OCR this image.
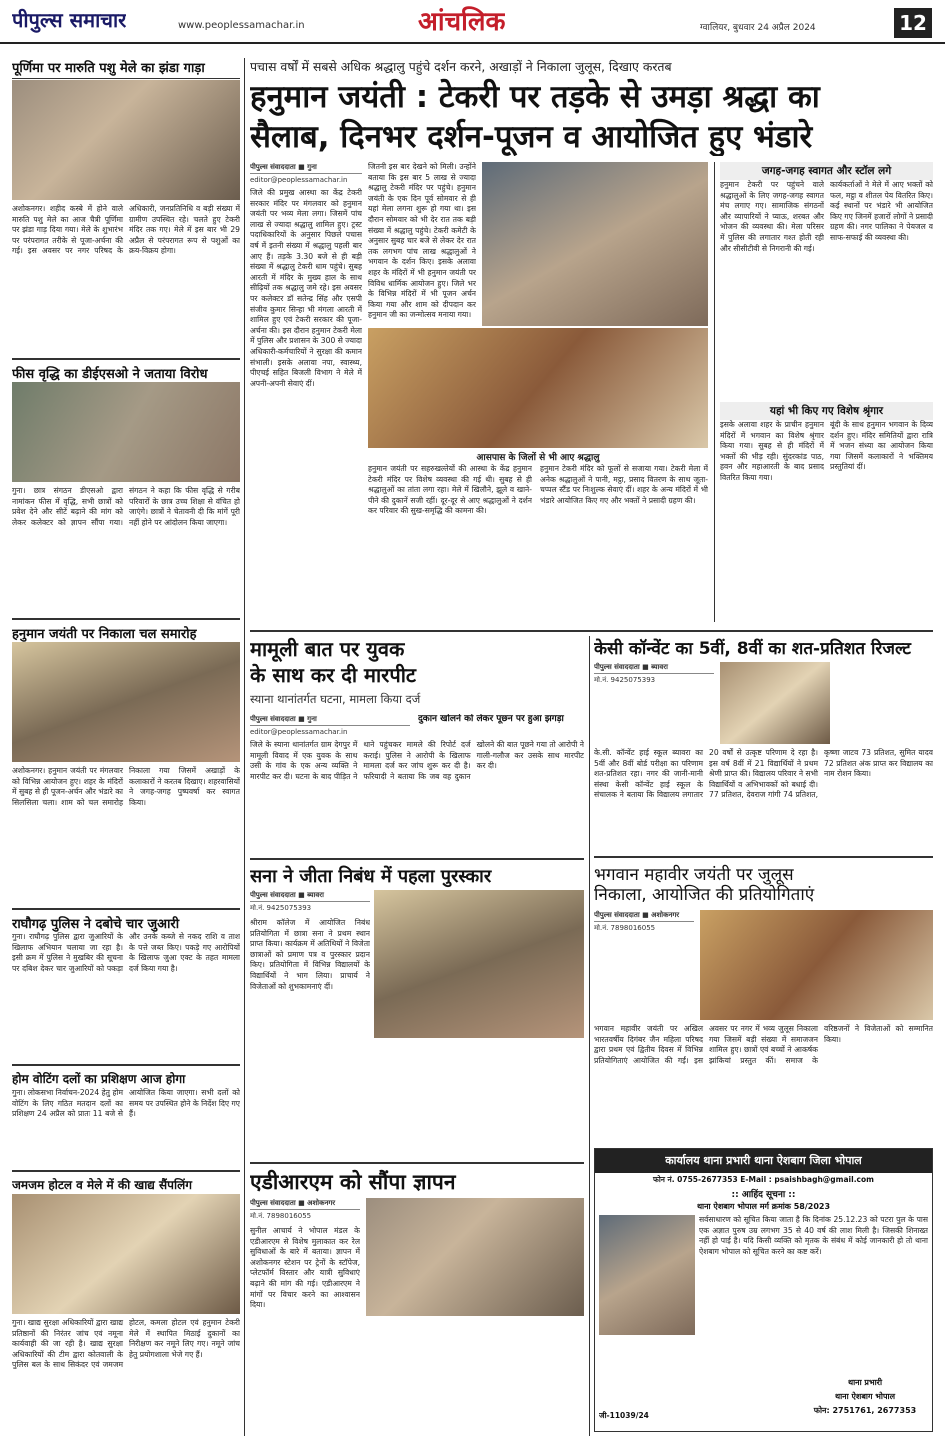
पीपुल्स समाचार	www.peoplessamachar.in	आंचलिक	ग्वालियर, बुधवार 24 अप्रैल 2024	12
पूर्णिमा पर मारुति पशु मेले का झंडा गाड़ा
अशोकनगर। शहीद कस्बे में होने वाले मारुति पशु मेले का आज चैत्री पूर्णिमा पर झंडा गाड़ दिया गया। मेले के शुभारंभ पर परंपरागत तरीके से पूजा-अर्चना की गई। इस अवसर पर नगर परिषद के अधिकारी, जनप्रतिनिधि व बड़ी संख्या में ग्रामीण उपस्थित रहे। चलते हुए टेकरी मंदिर तक गए। मेले में इस बार भी 29 अप्रैल से परंपरागत रूप से पशुओं का क्रय-विक्रय होगा।
फीस वृद्धि का डीईएसओ ने जताया विरोध
गुना। छात्र संगठन डीएसओ द्वारा नामांकन फीस में वृद्धि, सभी छात्रों को प्रवेश देने और सीटें बढ़ाने की मांग को लेकर कलेक्टर को ज्ञापन सौंपा गया। संगठन ने कहा कि फीस वृद्धि से गरीब परिवारों के छात्र उच्च शिक्षा से वंचित हो जाएंगे। छात्रों ने चेतावनी दी कि मांगें पूरी नहीं होने पर आंदोलन किया जाएगा।
हनुमान जयंती पर निकाला चल समारोह
अशोकनगर। हनुमान जयंती पर मंगलवार को विभिन्न आयोजन हुए। शहर के मंदिरों में सुबह से ही पूजन-अर्चन और भंडारे का सिलसिला चला। शाम को चल समारोह निकाला गया जिसमें अखाड़ों के कलाकारों ने करतब दिखाए। शहरवासियों ने जगह-जगह पुष्पवर्षा कर स्वागत किया।
राघौगढ़ पुलिस ने दबोचे चार जुआरी
गुना। राघौगढ़ पुलिस द्वारा जुआरियों के खिलाफ अभियान चलाया जा रहा है। इसी क्रम में पुलिस ने मुखबिर की सूचना पर दबिश देकर चार जुआरियों को पकड़ा और उनके कब्जे से नकद राशि व ताश के पत्ते जब्त किए। पकड़े गए आरोपियों के खिलाफ जुआ एक्ट के तहत मामला दर्ज किया गया है।
होम वोटिंग दलों का प्रशिक्षण आज होगा
गुना। लोकसभा निर्वाचन-2024 हेतु होम वोटिंग के लिए गठित मतदान दलों का प्रशिक्षण 24 अप्रैल को प्रातः 11 बजे से आयोजित किया जाएगा। सभी दलों को समय पर उपस्थित होने के निर्देश दिए गए हैं।
जमजम होटल व मेले में की खाद्य सैंपलिंग
गुना। खाद्य सुरक्षा अधिकारियों द्वारा खाद्य प्रतिष्ठानों की निरंतर जांच एवं नमूना कार्यवाही की जा रही है। खाद्य सुरक्षा अधिकारियों की टीम द्वारा कोतवाली के पुलिस बल के साथ सिकंदर एवं जमजम होटल, कमला होटल एवं हनुमान टेकरी मेले में स्थापित मिठाई दुकानों का निरीक्षण कर नमूने लिए गए। नमूने जांच हेतु प्रयोगशाला भेजे गए हैं।
पचास वर्षों में सबसे अधिक श्रद्धालु पहुंचे दर्शन करने, अखाड़ों ने निकाला जुलूस, दिखाए करतब
हनुमान जयंती : टेकरी पर तड़के से उमड़ा श्रद्धा का
सैलाब, दिनभर दर्शन-पूजन व आयोजित हुए भंडारे
पीपुल्स संवाददाता ■ गुना
editor@peoplessamachar.in
जिले की प्रमुख आस्था का केंद्र टेकरी सरकार मंदिर पर मंगलवार को हनुमान जयंती पर भव्य मेला लगा। जिसमें पांच लाख से ज्यादा श्रद्धालु शामिल हुए। ट्रस्ट पदाधिकारियों के अनुसार पिछले पचास वर्ष में इतनी संख्या में श्रद्धालु पहली बार आए हैं। तड़के 3.30 बजे से ही बड़ी संख्या में श्रद्धालु टेकरी धाम पहुंचे। सुबह आरती में मंदिर के मुख्य हाल के साथ सीढ़ियों तक श्रद्धालु जमे रहे। इस अवसर पर कलेक्टर डॉ सतेन्द्र सिंह और एसपी संजीव कुमार सिन्हा भी मंगला आरती में शामिल हुए एवं टेकरी सरकार की पूजा-अर्चना की। इस दौरान हनुमान टेकरी मेला में पुलिस और प्रशासन के 300 से ज्यादा अधिकारी-कर्मचारियों ने सुरक्षा की कमान संभाली। इसके अलावा नपा, स्वास्थ्य, पीएचई सहित बिजली विभाग ने मेले में अपनी-अपनी सेवाएं दीं।
जितनी इस बार देखने को मिली। उन्होंने बताया कि इस बार 5 लाख से ज्यादा श्रद्धालु टेकरी मंदिर पर पहुंचे। हनुमान जयंती के एक दिन पूर्व सोमवार से ही यहां मेला लगना शुरू हो गया था। इस दौरान सोमवार को भी देर रात तक बड़ी संख्या में श्रद्धालु पहुंचे। टेकरी कमेटी के अनुसार सुबह चार बजे से लेकर देर रात तक लगभग पांच लाख श्रद्धालुओं ने भगवान के दर्शन किए। इसके अलावा शहर के मंदिरों में भी हनुमान जयंती पर विविध धार्मिक आयोजन हुए। जिले भर के विभिन्न मंदिरों में भी पूजन अर्चन किया गया और शाम को दीपदान कर हनुमान जी का जन्मोत्सव मनाया गया।
आसपास के जिलों से भी आए श्रद्धालु
हनुमान जयंती पर सहरुखल्तेयों की आस्था के केंद्र हनुमान टेकरी मंदिर पर विशेष व्यवस्था की गई थी। सुबह से ही श्रद्धालुओं का तांता लगा रहा। मेले में खिलौने, झूले व खाने-पीने की दुकानें सजी रहीं। दूर-दूर से आए श्रद्धालुओं ने दर्शन कर परिवार की सुख-समृद्धि की कामना की।
हनुमान टेकरी मंदिर को फूलों से सजाया गया। टेकरी मेला में अनेक श्रद्धालुओं ने पानी, मट्ठा, प्रसाद वितरण के साथ जूता-चप्पल स्टैंड पर निःशुल्क सेवाएं दीं। शहर के अन्य मंदिरों में भी भंडारे आयोजित किए गए और भक्तों ने प्रसादी ग्रहण की।
जगह-जगह स्वागत और स्टॉल लगे
हनुमान टेकरी पर पहुंचने वाले श्रद्धालुओं के लिए जगह-जगह स्वागत मंच लगाए गए। सामाजिक संगठनों और व्यापारियों ने प्याऊ, शरबत और भोजन की व्यवस्था की। मेला परिसर में पुलिस की लगातार गश्त होती रही और सीसीटीवी से निगरानी की गई।
कार्यकर्ताओं ने मेले में आए भक्तों को फल, मट्ठा व शीतल पेय वितरित किए। कई स्थानों पर भंडारे भी आयोजित किए गए जिनमें हजारों लोगों ने प्रसादी ग्रहण की। नगर पालिका ने पेयजल व साफ-सफाई की व्यवस्था की।
यहां भी किए गए विशेष श्रृंगार
इसके अलावा शहर के प्राचीन हनुमान मंदिरों में भगवान का विशेष श्रृंगार किया गया। सुबह से ही मंदिरों में भक्तों की भीड़ रही। सुंदरकांड पाठ, हवन और महाआरती के बाद प्रसाद वितरित किया गया।
बूंदी के साथ हनुमान भगवान के दिव्य दर्शन हुए। मंदिर समितियों द्वारा रात्रि में भजन संध्या का आयोजन किया गया जिसमें कलाकारों ने भक्तिमय प्रस्तुतियां दीं।
मामूली बात पर युवक
के साथ कर दी मारपीट
स्याना थानांतर्गत घटना, मामला किया दर्ज
पीपुल्स संवाददाता ■ गुना
editor@peoplessamachar.in
दुकान खोलने को लेकर पूछन पर हुआ झगड़ा
जिले के स्याना थानांतर्गत ग्राम देगपुर में मामूली विवाद में एक युवक के साथ उसी के गांव के एक अन्य व्यक्ति ने मारपीट कर दी। घटना के बाद पीड़ित ने थाने पहुंचकर मामले की रिपोर्ट दर्ज कराई। पुलिस ने आरोपी के खिलाफ मामला दर्ज कर जांच शुरू कर दी है। फरियादी ने बताया कि जब वह दुकान खोलने की बात पूछने गया तो आरोपी ने गाली-गलौज कर उसके साथ मारपीट कर दी।
सना ने जीता निबंध में पहला पुरस्कार
पीपुल्स संवाददाता ■ ब्यावरा
मो.नं. 9425075393
श्रीराम कॉलेज में आयोजित निबंध प्रतियोगिता में छात्रा सना ने प्रथम स्थान प्राप्त किया। कार्यक्रम में अतिथियों ने विजेता छात्राओं को प्रमाण पत्र व पुरस्कार प्रदान किए। प्रतियोगिता में विभिन्न विद्यालयों के विद्यार्थियों ने भाग लिया। प्राचार्य ने विजेताओं को शुभकामनाएं दीं।
एडीआरएम को सौंपा ज्ञापन
पीपुल्स संवाददाता ■ अशोकनगर
मो.नं. 7898016055
सुनील आचार्य ने भोपाल मंडल के एडीआरएम से विशेष मुलाकात कर रेल सुविधाओं के बारे में बताया। ज्ञापन में अशोकनगर स्टेशन पर ट्रेनों के स्टॉपेज, प्लेटफॉर्म विस्तार और यात्री सुविधाएं बढ़ाने की मांग की गई। एडीआरएम ने मांगों पर विचार करने का आश्वासन दिया।
केसी कॉन्वेंट का 5वीं, 8वीं का शत-प्रतिशत रिजल्ट
पीपुल्स संवाददाता ■ ब्यावरा
मो.नं. 9425075393
के.सी. कॉन्वेंट हाई स्कूल ब्यावरा का 5वीं और 8वीं बोर्ड परीक्षा का परिणाम शत-प्रतिशत रहा। नगर की जानी-मानी संस्था केसी कॉन्वेंट हाई स्कूल के संचालक ने बताया कि विद्यालय लगातार 20 वर्षों से उत्कृष्ट परिणाम दे रहा है। इस वर्ष 8वीं में 21 विद्यार्थियों ने प्रथम श्रेणी प्राप्त की। विद्यालय परिवार ने सभी विद्यार्थियों व अभिभावकों को बधाई दी। 77 प्रतिशत, देवराज गांगी 74 प्रतिशत, कृष्णा जाटव 73 प्रतिशत, सुमित यादव 72 प्रतिशत अंक प्राप्त कर विद्यालय का नाम रोशन किया।
भगवान महावीर जयंती पर जुलूस
निकाला, आयोजित की प्रतियोगिताएं
पीपुल्स संवाददाता ■ अशोकनगर
मो.नं. 7898016055
भगवान महावीर जयंती पर अखिल भारतवर्षीय दिगंबर जैन महिला परिषद द्वारा प्रथम एवं द्वितीय दिवस में विभिन्न प्रतियोगिताएं आयोजित की गईं। इस अवसर पर नगर में भव्य जुलूस निकाला गया जिसमें बड़ी संख्या में समाजजन शामिल हुए। छात्रों एवं बच्चों ने आकर्षक झांकियां प्रस्तुत कीं। समाज के वरिष्ठजनों ने विजेताओं को सम्मानित किया।
कार्यालय थाना प्रभारी थाना ऐशबाग जिला भोपाल
फोन नं. 0755-2677353 E-Mail : psaishbagh@gmail.com
:: आहिंद सूचना ::
थाना ऐशबाग भोपाल मर्ग क्रमांक 58/2023
सर्वसाधारण को सूचित किया जाता है कि दिनांक 25.12.23 को पटरा पुल के पास एक अज्ञात पुरुष उम्र लगभग 35 से 40 वर्ष की लाश मिली है। जिसकी शिनाख्त नहीं हो पाई है। यदि किसी व्यक्ति को मृतक के संबंध में कोई जानकारी हो तो थाना ऐशबाग भोपाल को सूचित करने का कष्ट करें।
जी-11039/24
थाना प्रभारी
थाना ऐशबाग भोपाल
फोन: 2751761, 2677353
